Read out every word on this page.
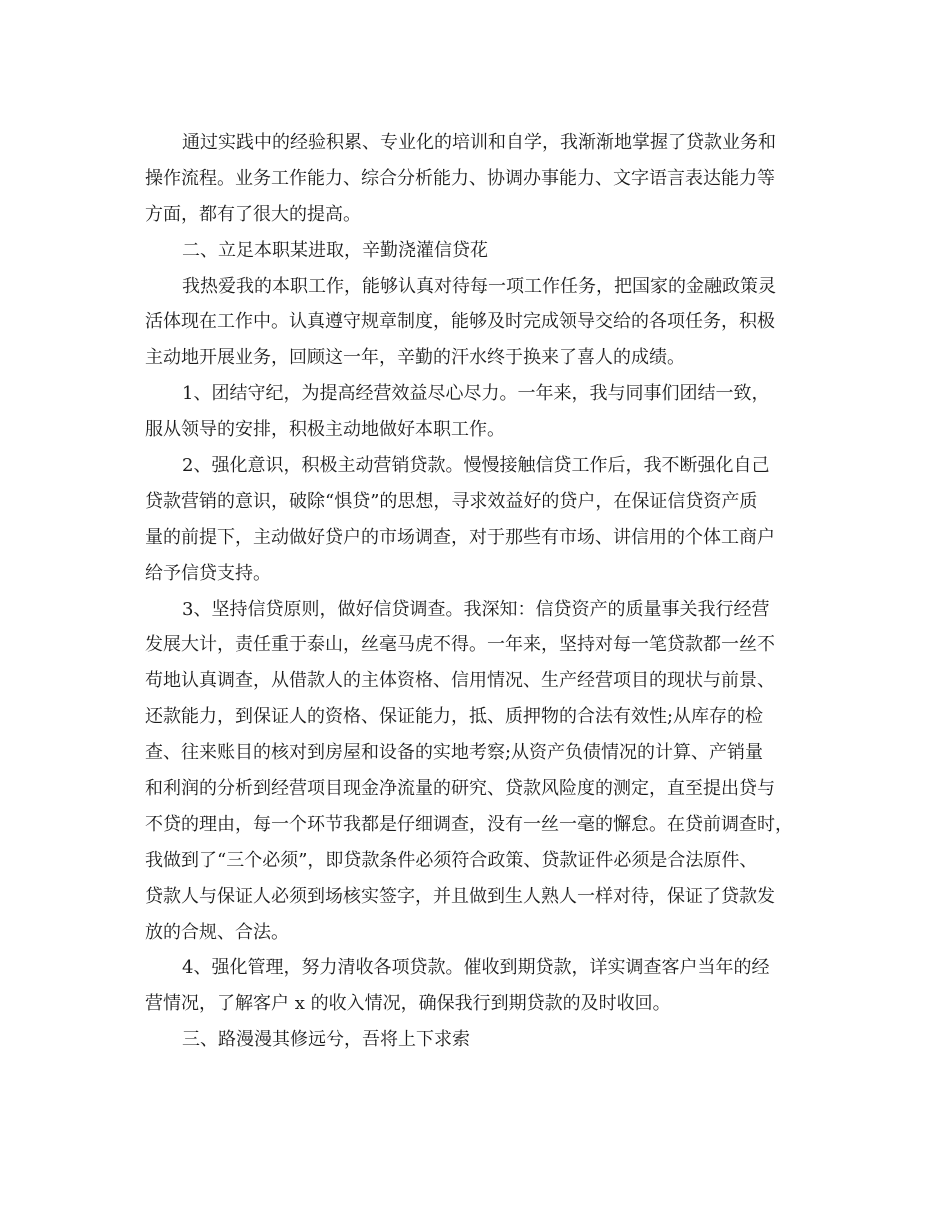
通过实践中的经验积累、专业化的培训和自学，我渐渐地掌握了贷款业务和
操作流程。业务工作能力、综合分析能力、协调办事能力、文字语言表达能力等
方面，都有了很大的提高。
二、立足本职某进取，辛勤浇灌信贷花
我热爱我的本职工作，能够认真对待每一项工作任务，把国家的金融政策灵
活体现在工作中。认真遵守规章制度，能够及时完成领导交给的各项任务，积极
主动地开展业务，回顾这一年，辛勤的汗水终于换来了喜人的成绩。
1、团结守纪，为提高经营效益尽心尽力。一年来，我与同事们团结一致，
服从领导的安排，积极主动地做好本职工作。
2、强化意识，积极主动营销贷款。慢慢接触信贷工作后，我不断强化自己
贷款营销的意识，破除“惧贷”的思想，寻求效益好的贷户，在保证信贷资产质
量的前提下，主动做好贷户的市场调查，对于那些有市场、讲信用的个体工商户
给予信贷支持。
3、坚持信贷原则，做好信贷调查。我深知：信贷资产的质量事关我行经营
发展大计，责任重于泰山，丝毫马虎不得。一年来，坚持对每一笔贷款都一丝不
苟地认真调查，从借款人的主体资格、信用情况、生产经营项目的现状与前景、
还款能力，到保证人的资格、保证能力，抵、质押物的合法有效性;从库存的检
查、往来账目的核对到房屋和设备的实地考察;从资产负债情况的计算、产销量
和利润的分析到经营项目现金净流量的研究、贷款风险度的测定，直至提出贷与
不贷的理由，每一个环节我都是仔细调查，没有一丝一毫的懈怠。在贷前调查时，
我做到了“三个必须”，即贷款条件必须符合政策、贷款证件必须是合法原件、
贷款人与保证人必须到场核实签字，并且做到生人熟人一样对待，保证了贷款发
放的合规、合法。
4、强化管理，努力清收各项贷款。催收到期贷款，详实调查客户当年的经
营情况，了解客户 x 的收入情况，确保我行到期贷款的及时收回。
三、路漫漫其修远兮，吾将上下求索
